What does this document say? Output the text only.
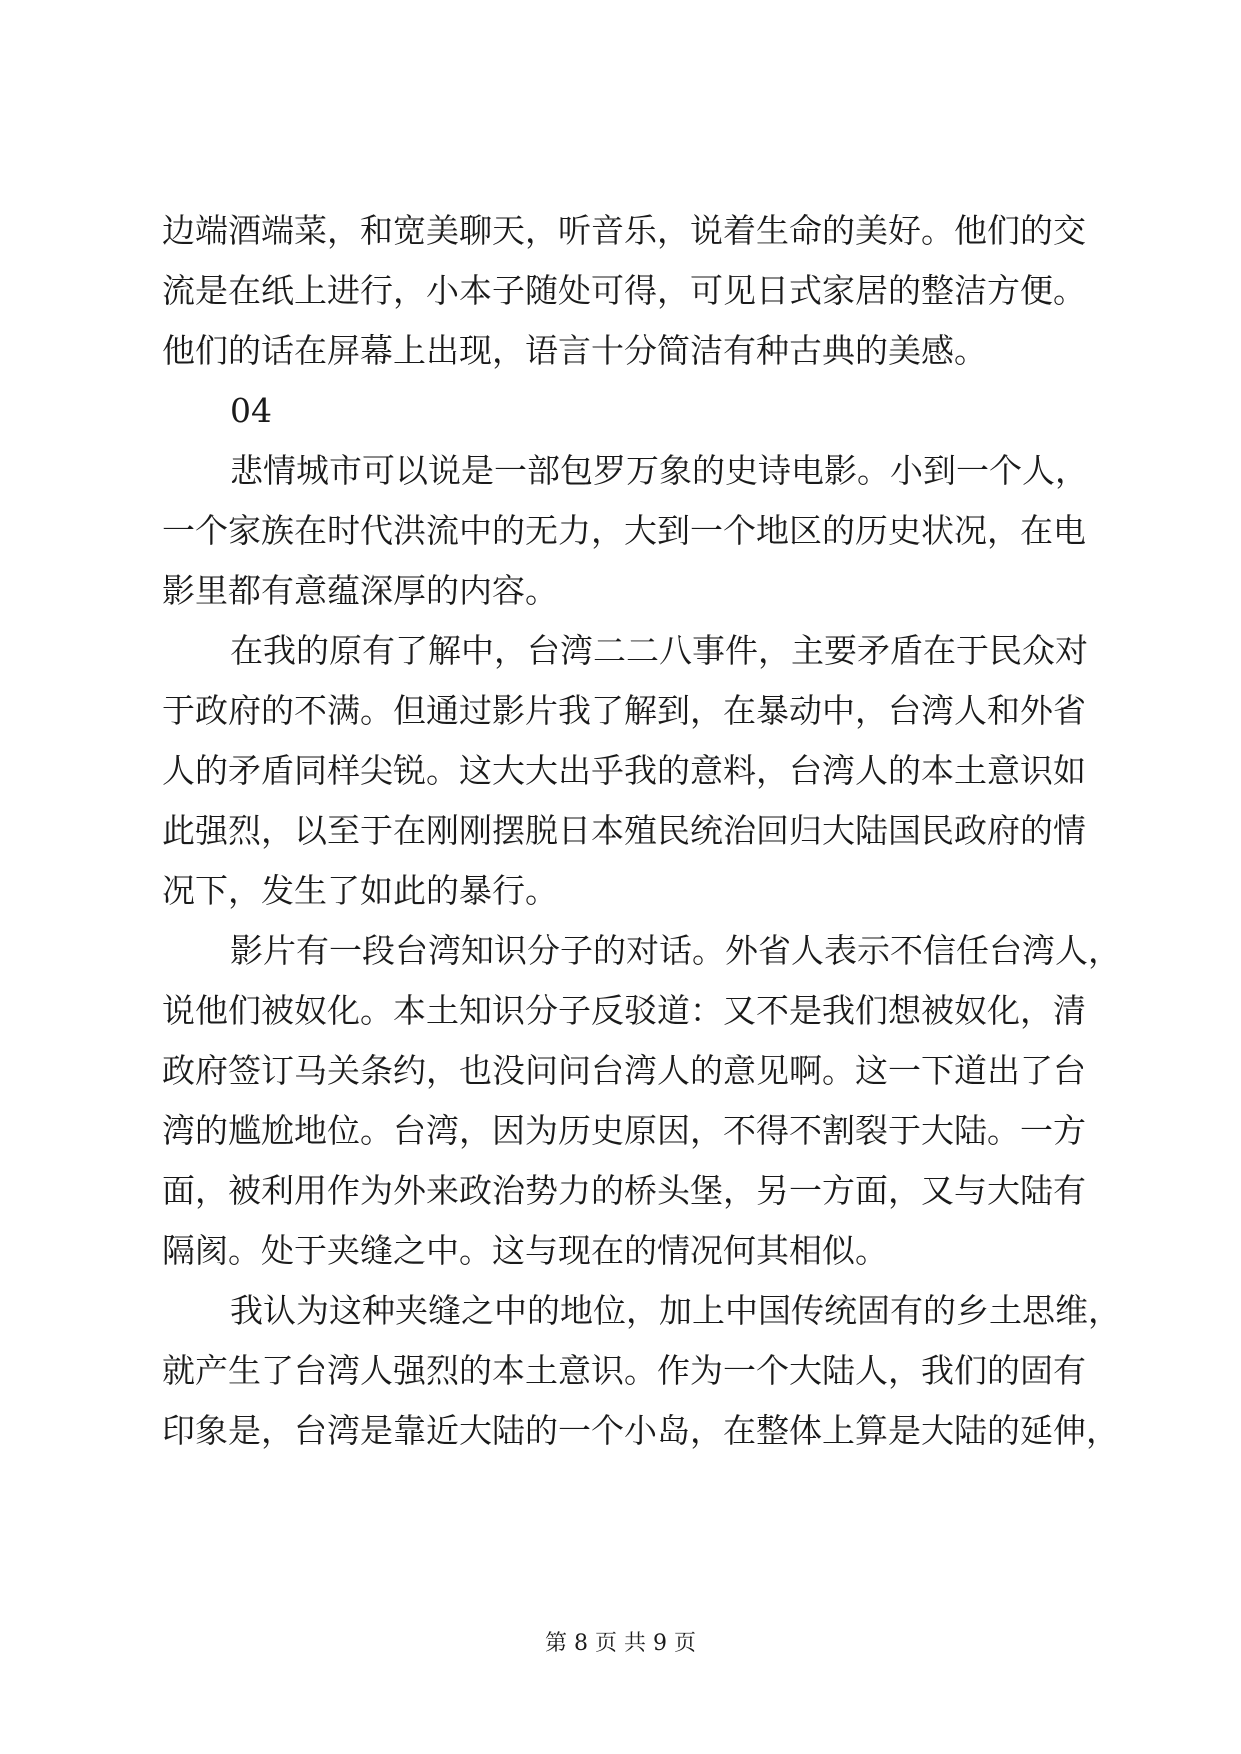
边端酒端菜，和宽美聊天，听音乐，说着生命的美好。他们的交
流是在纸上进行，小本子随处可得，可见日式家居的整洁方便。
他们的话在屏幕上出现，语言十分简洁有种古典的美感。
04
悲情城市可以说是一部包罗万象的史诗电影。小到一个人，
一个家族在时代洪流中的无力，大到一个地区的历史状况，在电
影里都有意蕴深厚的内容。
在我的原有了解中，台湾二二八事件，主要矛盾在于民众对
于政府的不满。但通过影片我了解到，在暴动中，台湾人和外省
人的矛盾同样尖锐。这大大出乎我的意料，台湾人的本土意识如
此强烈，以至于在刚刚摆脱日本殖民统治回归大陆国民政府的情
况下，发生了如此的暴行。
影片有一段台湾知识分子的对话。外省人表示不信任台湾人，
说他们被奴化。本土知识分子反驳道：又不是我们想被奴化，清
政府签订马关条约，也没问问台湾人的意见啊。这一下道出了台
湾的尴尬地位。台湾，因为历史原因，不得不割裂于大陆。一方
面，被利用作为外来政治势力的桥头堡，另一方面，又与大陆有
隔阂。处于夹缝之中。这与现在的情况何其相似。
我认为这种夹缝之中的地位，加上中国传统固有的乡土思维，
就产生了台湾人强烈的本土意识。作为一个大陆人，我们的固有
印象是，台湾是靠近大陆的一个小岛，在整体上算是大陆的延伸，
第 8 页 共 9 页
